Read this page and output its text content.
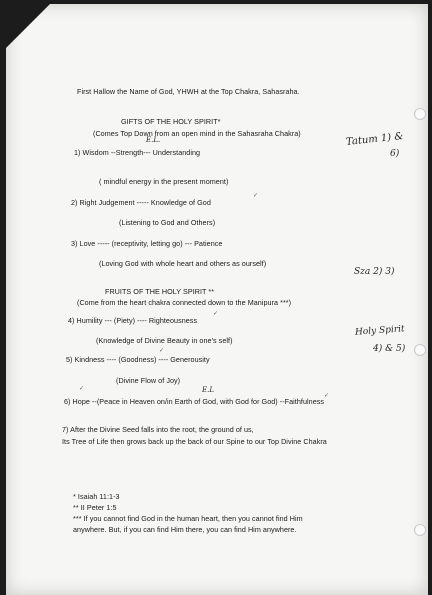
First Hallow the Name of God, YHWH at the Top Chakra, Sahasraha.
GIFTS OF THE HOLY SPIRIT*
(Comes Top Down from an open mind in the Sahasraha Chakra)
E.L.
1) Wisdom --Strength--- Understanding
( mindful energy in the present moment)
2) Right Judgement ----- Knowledge of God
✓
(Listening to God and Others)
3) Love ----- (receptivity, letting go) --- Patience
(Loving God with whole heart and others as ourself)
FRUITS OF THE HOLY SPIRIT **
(Come from the heart chakra connected down to the Manipura ***)
4) Humility --- (Piety) ---- Righteousness
✓
(Knowledge of Divine Beauty in one's self)
5) Kindness ---- (Goodness) ---- Generousity
✓
(Divine Flow of Joy)
✓	E.L
6) Hope --(Peace in Heaven on/in Earth of God, with God for God) --Faithfulness
✓
7) After the Divine Seed falls into the root, the ground of us,
Its Tree of Life then grows back up the back of our Spine to our Top Divine Chakra
* Isaiah 11:1-3
** II Peter 1:5
*** If you cannot find God in the human heart, then you cannot find Him
anywhere. But, if you can find Him there, you can find Him anywhere.
Tatum 1) &
6)
Sza 2) 3)
Holy Spirit
4) & 5)
